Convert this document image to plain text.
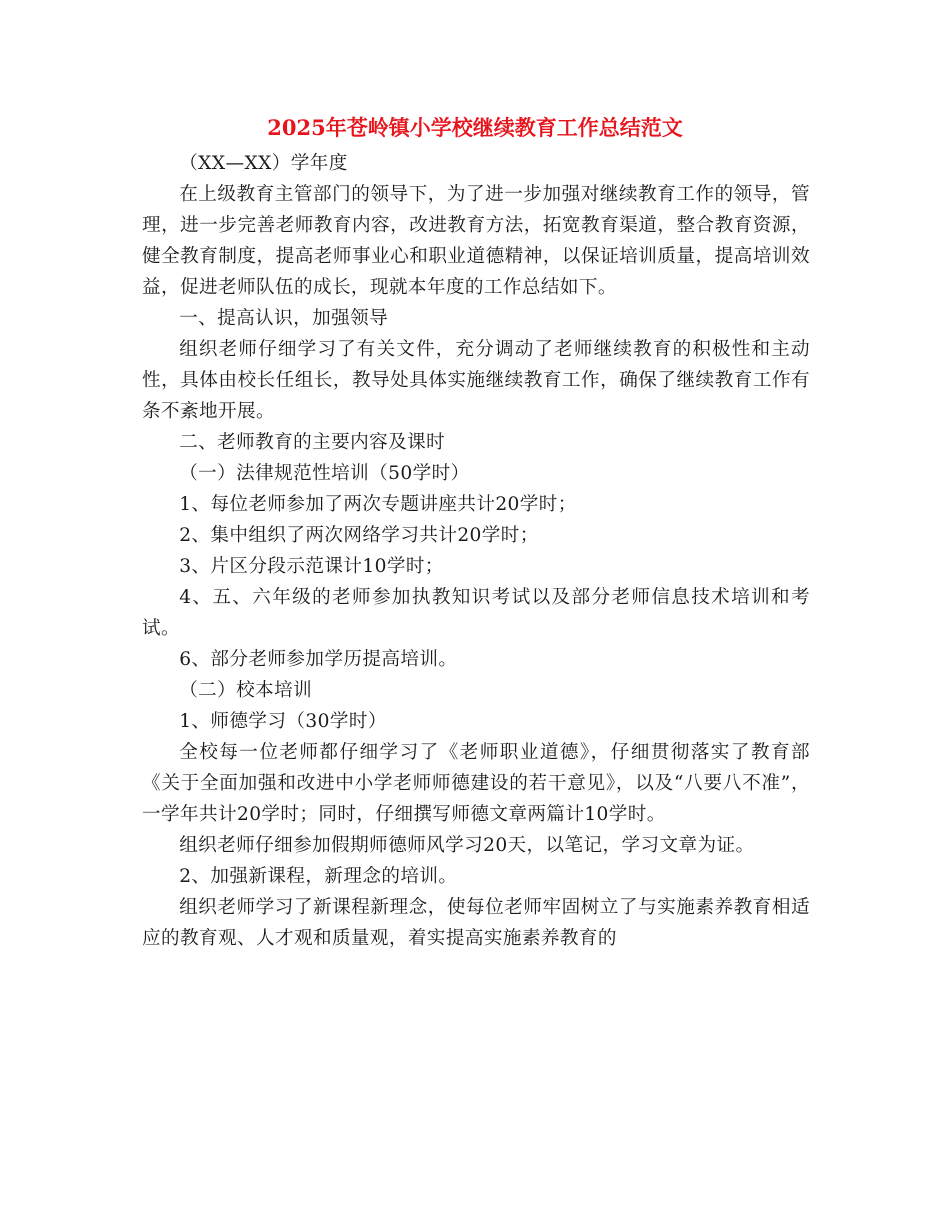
2025年苍岭镇小学校继续教育工作总结范文

（XX—XX）学年度

在上级教育主管部门的领导下，为了进一步加强对继续教育工作的领导，管理，进一步完善老师教育内容，改进教育方法，拓宽教育渠道，整合教育资源，健全教育制度，提高老师事业心和职业道德精神，以保证培训质量，提高培训效益，促进老师队伍的成长，现就本年度的工作总结如下。

一、提高认识，加强领导

组织老师仔细学习了有关文件，充分调动了老师继续教育的积极性和主动性，具体由校长任组长，教导处具体实施继续教育工作，确保了继续教育工作有条不紊地开展。

二、老师教育的主要内容及课时

（一）法律规范性培训（50学时）

1、每位老师参加了两次专题讲座共计20学时；

2、集中组织了两次网络学习共计20学时；

3、片区分段示范课计10学时；

4、五、六年级的老师参加执教知识考试以及部分老师信息技术培训和考试。

6、部分老师参加学历提高培训。

（二）校本培训

1、师德学习（30学时）

全校每一位老师都仔细学习了《老师职业道德》，仔细贯彻落实了教育部《关于全面加强和改进中小学老师师德建设的若干意见》，以及“八要八不准”，一学年共计20学时；同时，仔细撰写师德文章两篇计10学时。

组织老师仔细参加假期师德师风学习20天，以笔记，学习文章为证。

2、加强新课程，新理念的培训。

组织老师学习了新课程新理念，使每位老师牢固树立了与实施素养教育相适应的教育观、人才观和质量观，着实提高实施素养教育的
